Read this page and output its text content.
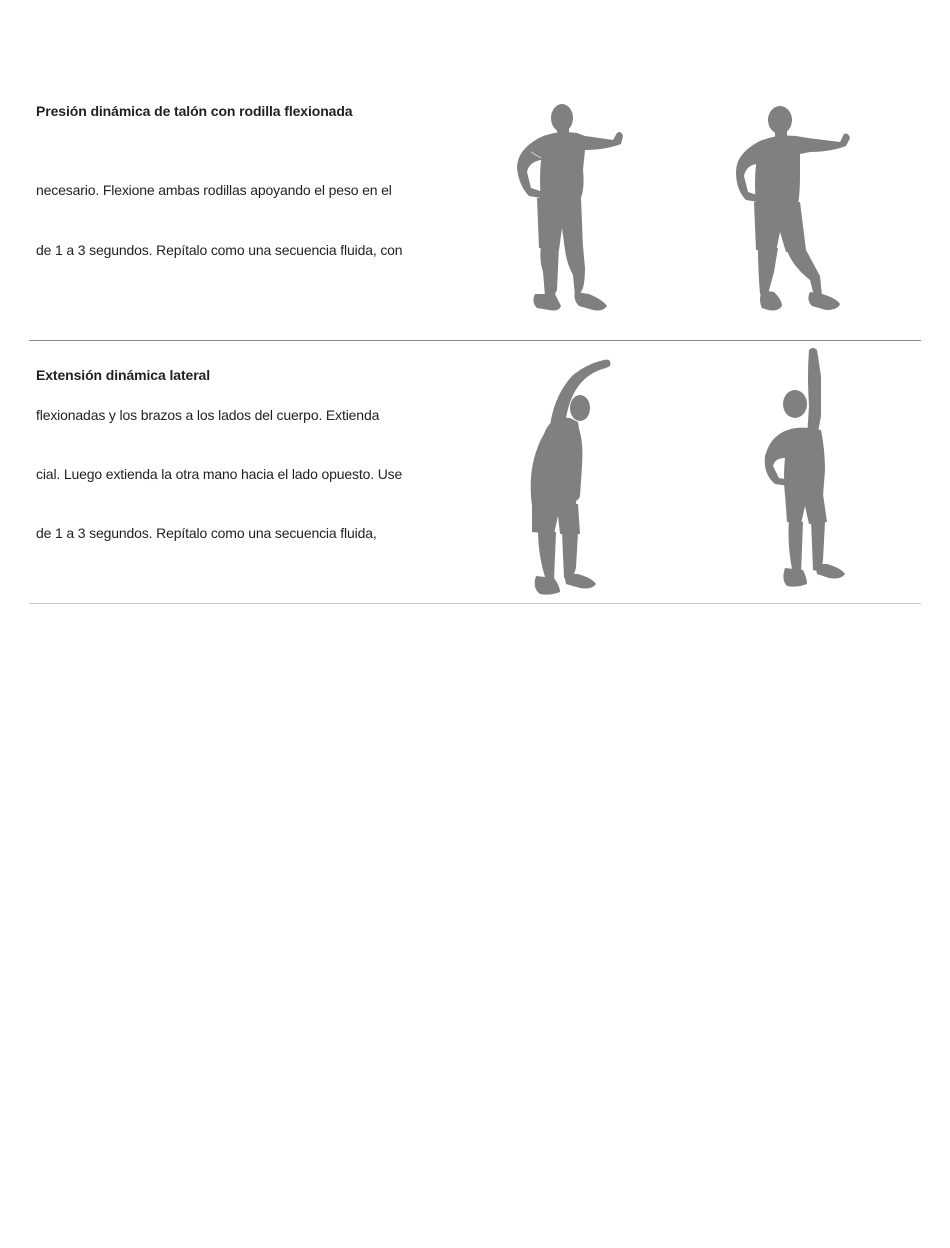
Presión dinámica de talón con rodilla flexionada

necesario. Flexione ambas rodillas apoyando el peso en el

de 1 a 3 segundos. Repítalo como una secuencia fluida, con

Extensión dinámica lateral

flexionadas y los brazos a los lados del cuerpo. Extienda

cial. Luego extienda la otra mano hacia el lado opuesto. Use

de 1 a 3 segundos. Repítalo como una secuencia fluida,
